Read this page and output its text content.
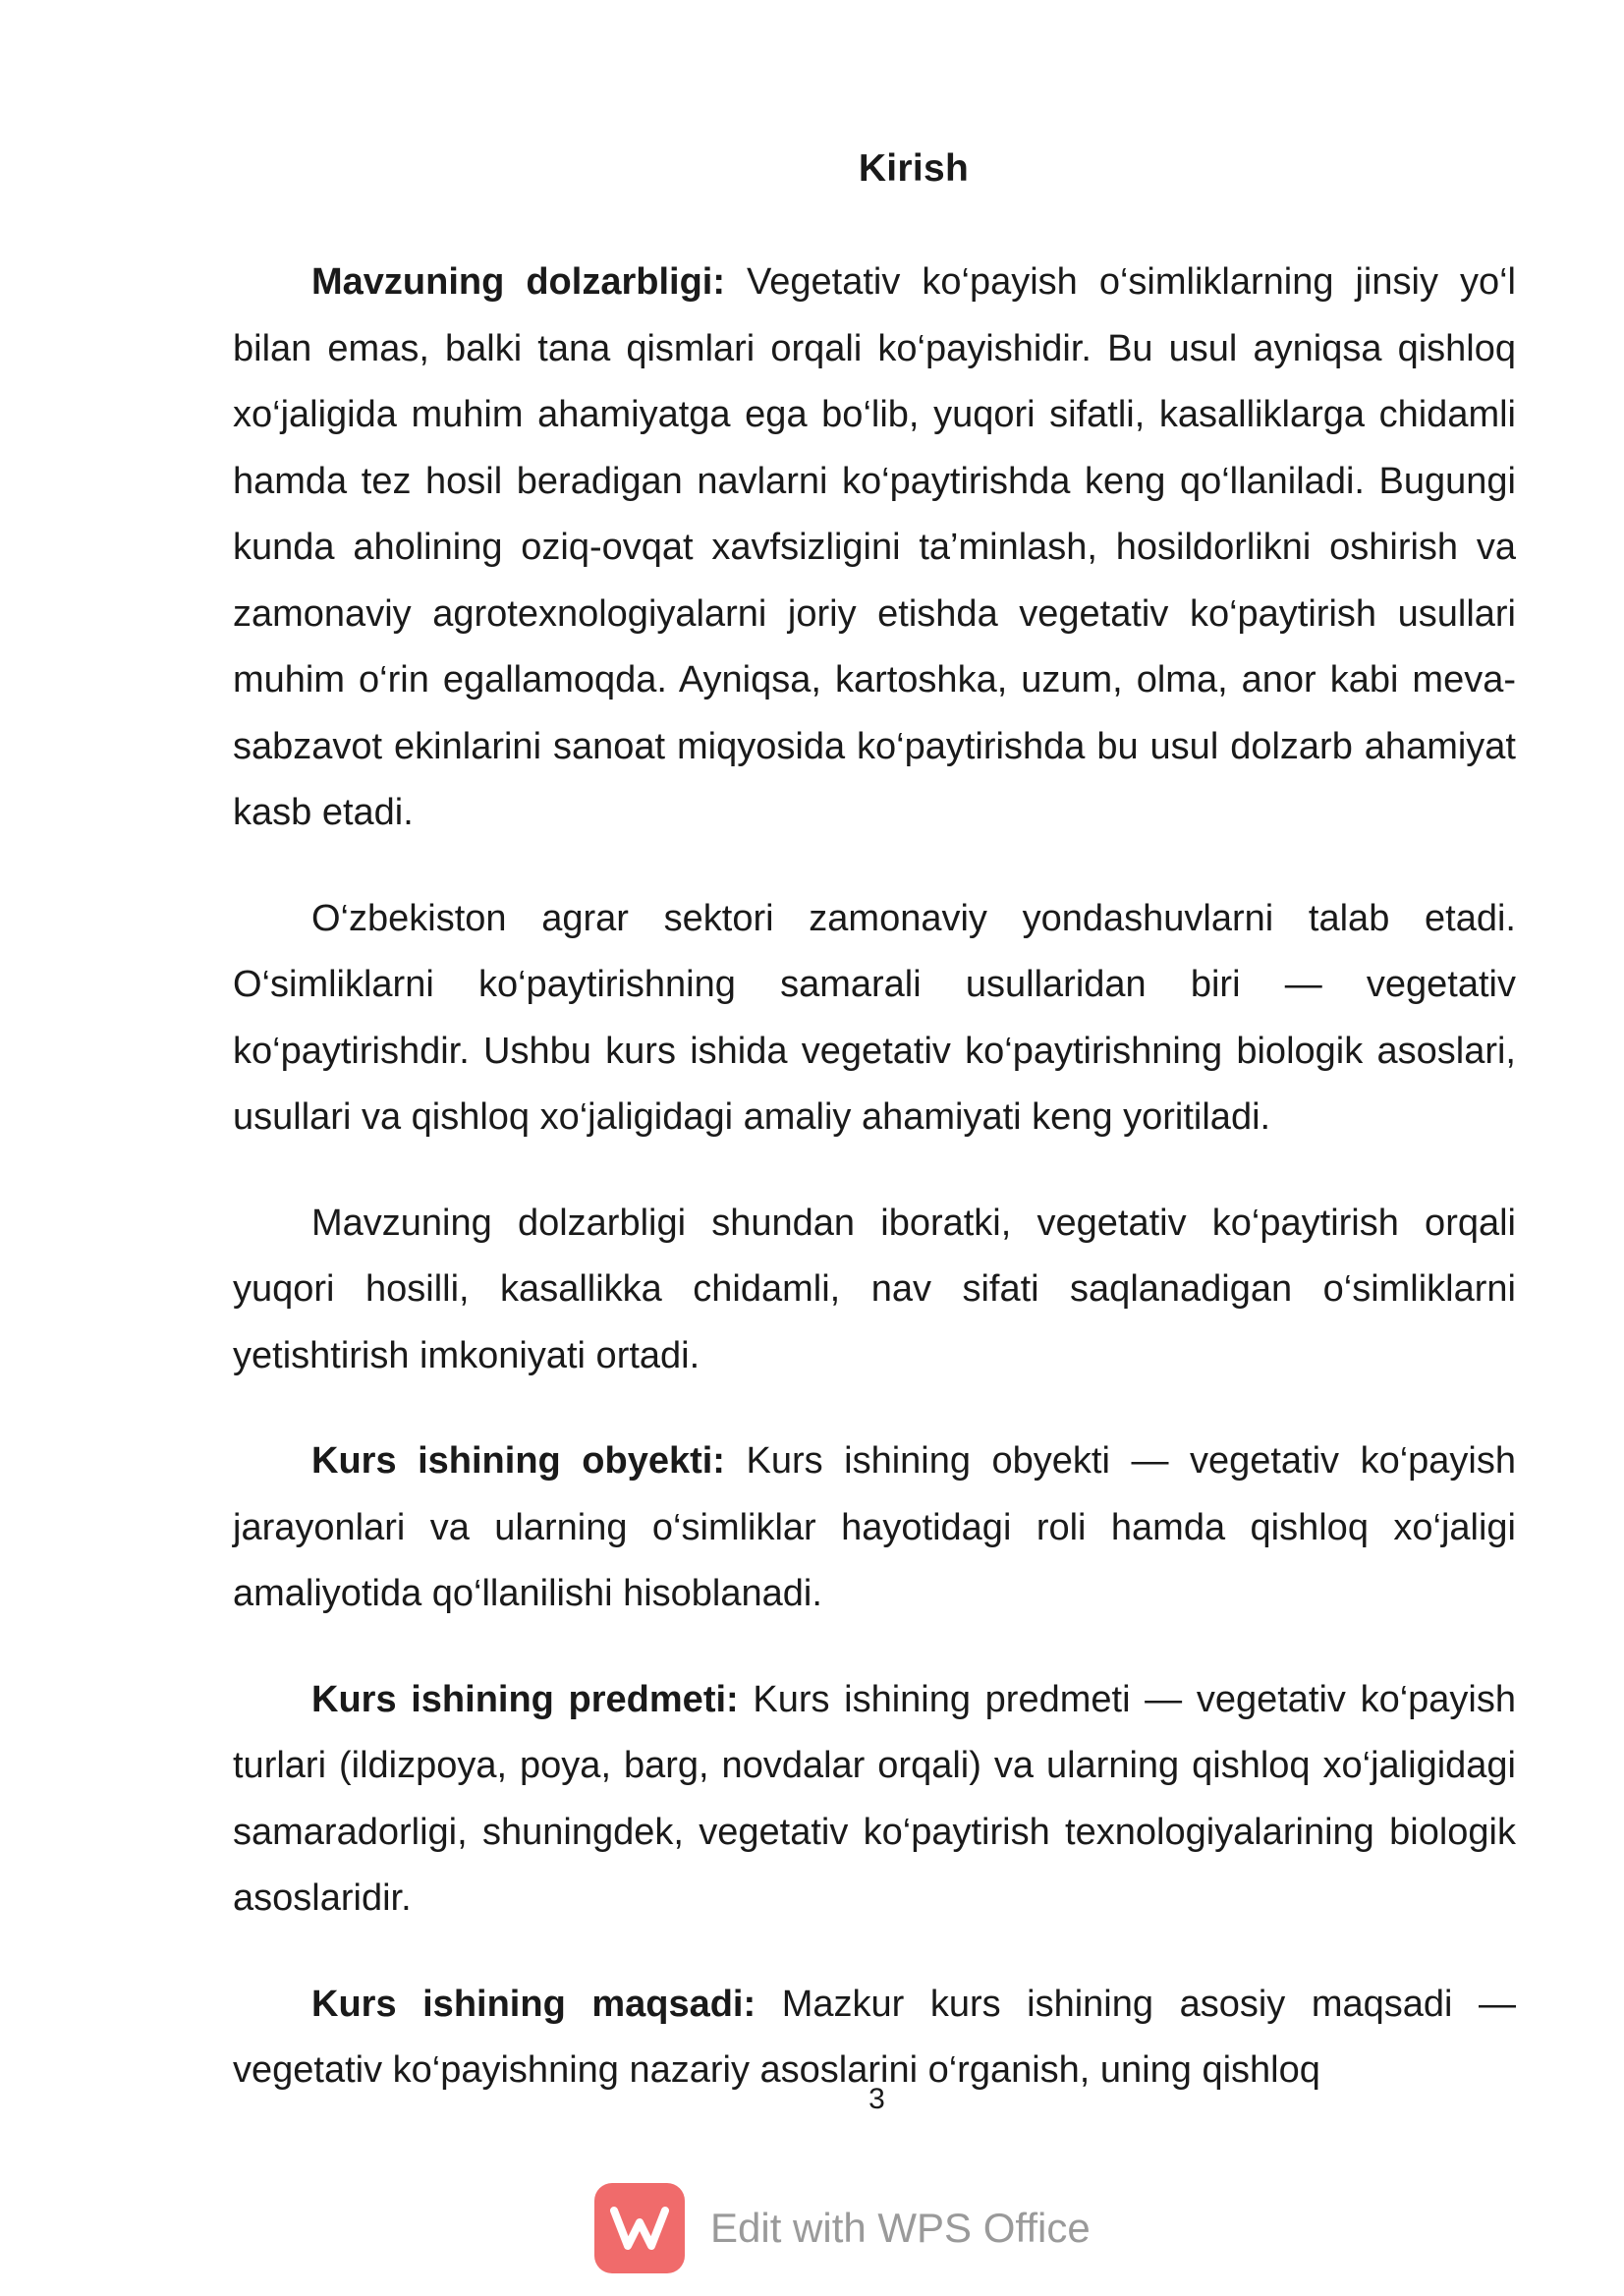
Kirish

Mavzuning dolzarbligi: Vegetativ ko‘payish o‘simliklarning jinsiy yo‘l bilan emas, balki tana qismlari orqali ko‘payishidir. Bu usul ayniqsa qishloq xo‘jaligida muhim ahamiyatga ega bo‘lib, yuqori sifatli, kasalliklarga chidamli hamda tez hosil beradigan navlarni ko‘paytirishda keng qo‘llaniladi. Bugungi kunda aholining oziq-ovqat xavfsizligini ta’minlash, hosildorlikni oshirish va zamonaviy agrotexnologiyalarni joriy etishda vegetativ ko‘paytirish usullari muhim o‘rin egallamoqda. Ayniqsa, kartoshka, uzum, olma, anor kabi meva-sabzavot ekinlarini sanoat miqyosida ko‘paytirishda bu usul dolzarb ahamiyat kasb etadi.

O‘zbekiston agrar sektori zamonaviy yondashuvlarni talab etadi. O‘simliklarni ko‘paytirishning samarali usullaridan biri — vegetativ ko‘paytirishdir. Ushbu kurs ishida vegetativ ko‘paytirishning biologik asoslari, usullari va qishloq xo‘jaligidagi amaliy ahamiyati keng yoritiladi.

Mavzuning dolzarbligi shundan iboratki, vegetativ ko‘paytirish orqali yuqori hosilli, kasallikka chidamli, nav sifati saqlanadigan o‘simliklarni yetishtirish imkoniyati ortadi.

Kurs ishining obyekti: Kurs ishining obyekti — vegetativ ko‘payish jarayonlari va ularning o‘simliklar hayotidagi roli hamda qishloq xo‘jaligi amaliyotida qo‘llanilishi hisoblanadi.

Kurs ishining predmeti: Kurs ishining predmeti — vegetativ ko‘payish turlari (ildizpoya, poya, barg, novdalar orqali) va ularning qishloq xo‘jaligidagi samaradorligi, shuningdek, vegetativ ko‘paytirish texnologiyalarining biologik asoslaridir.

Kurs ishining maqsadi: Mazkur kurs ishining asosiy maqsadi — vegetativ ko‘payishning nazariy asoslarini o‘rganish, uning qishloq

3
Edit with WPS Office
